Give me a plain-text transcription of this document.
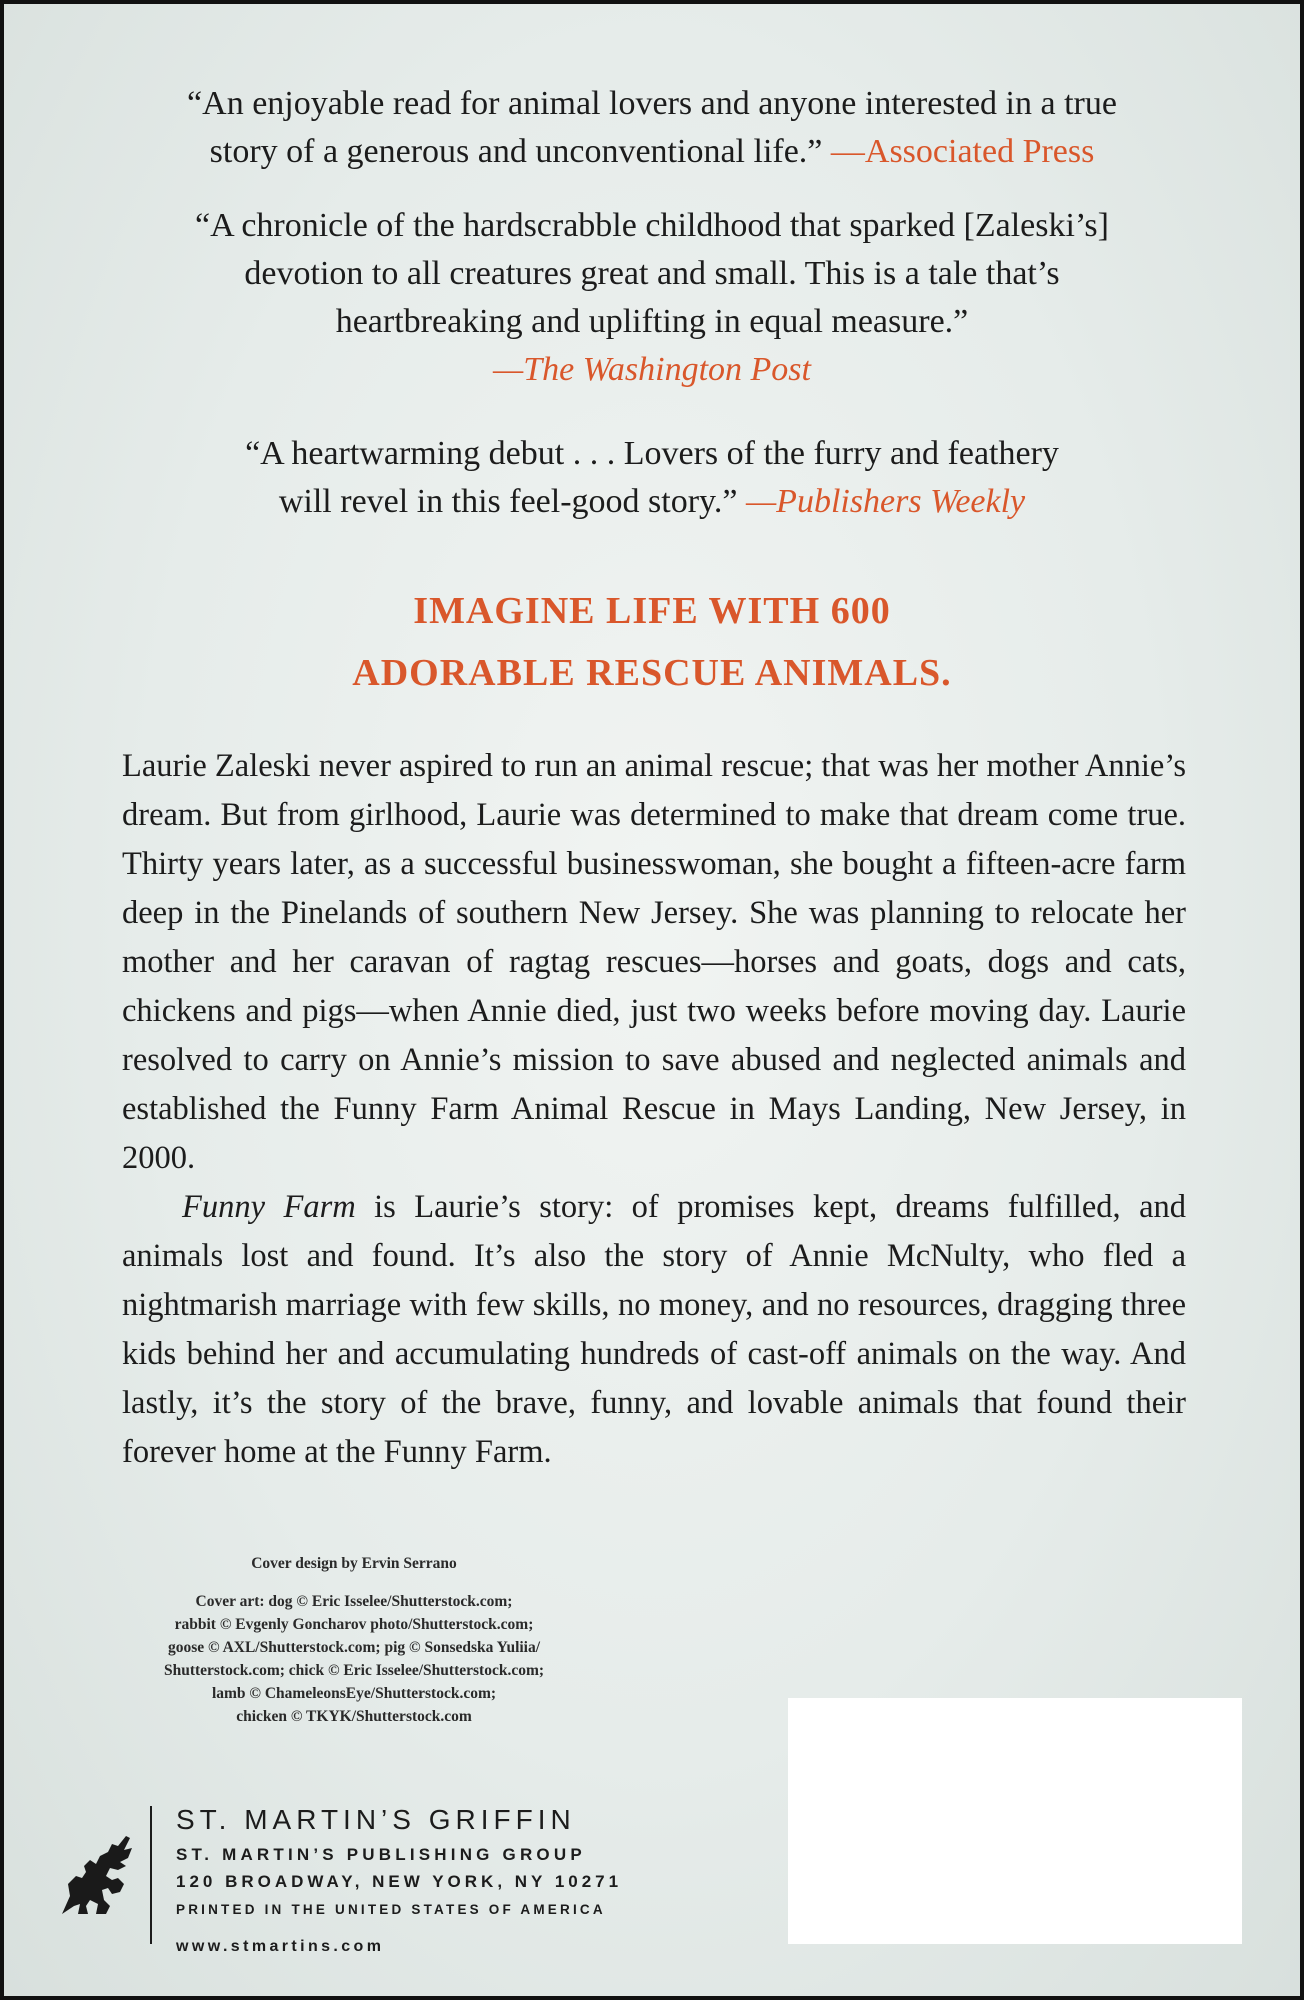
“An enjoyable read for animal lovers and anyone interested in a true
story of a generous and unconventional life.” —Associated Press
“A chronicle of the hardscrabble childhood that sparked [Zaleski’s]
devotion to all creatures great and small. This is a tale that’s
heartbreaking and uplifting in equal measure.”
—The Washington Post
“A heartwarming debut . . . Lovers of the furry and feathery
will revel in this feel-good story.” —Publishers Weekly
IMAGINE LIFE WITH 600
ADORABLE RESCUE ANIMALS.

Laurie Zaleski never aspired to run an animal rescue; that was her mother Annie’s dream. But from girlhood, Laurie was determined to make that dream come true. Thirty years later, as a successful businesswoman, she bought a fifteen-acre farm deep in the Pinelands of southern New Jersey. She was planning to relocate her mother and her caravan of ragtag rescues—horses and goats, dogs and cats, chickens and pigs—when Annie died, just two weeks before moving day. Laurie resolved to carry on Annie’s mission to save abused and neglected animals and established the Funny Farm Animal Rescue in Mays Landing, New Jersey, in 2000.

Funny Farm is Laurie’s story: of promises kept, dreams fulfilled, and animals lost and found. It’s also the story of Annie McNulty, who fled a nightmarish marriage with few skills, no money, and no resources, dragging three kids behind her and accumulating hundreds of cast-off animals on the way. And lastly, it’s the story of the brave, funny, and lovable animals that found their forever home at the Funny Farm.

Cover design by Ervin Serrano
Cover art: dog © Eric Isselee/Shutterstock.com;
rabbit © Evgenly Goncharov photo/Shutterstock.com;
goose © AXL/Shutterstock.com; pig © Sonsedska Yuliia/
Shutterstock.com; chick © Eric Isselee/Shutterstock.com;
lamb © ChameleonsEye/Shutterstock.com;
chicken © TKYK/Shutterstock.com
ST. MARTIN’S GRIFFIN
ST. MARTIN’S PUBLISHING GROUP
120 BROADWAY, NEW YORK, NY 10271
PRINTED IN THE UNITED STATES OF AMERICA
www.stmartins.com
